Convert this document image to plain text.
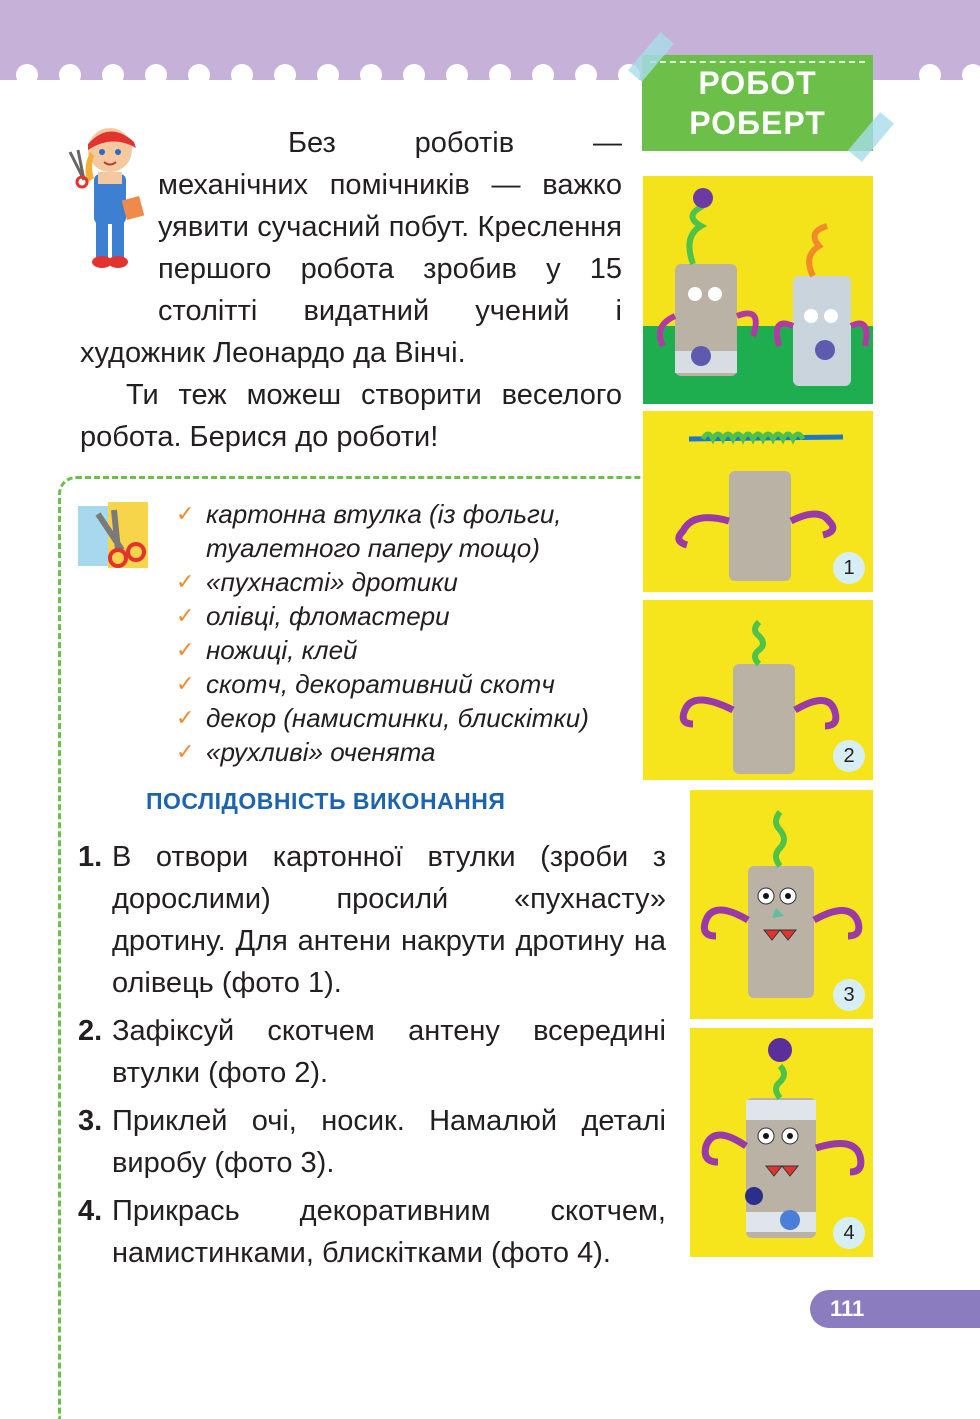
РОБОТ
РОБЕРТ

Без роботів — механічних помічників — важко уявити сучасний побут. Креслення першого робота зробив у 15 столітті видатний учений і художник Леонардо да Вінчі.

Ти теж можеш створити веселого робота. Берися до роботи!

✓ картонна втулка (із фольги,
туалетного паперу тощо)
✓ «пухнасті» дротики
✓ олівці, фломастери
✓ ножиці, клей
✓ скотч, декоративний скотч
✓ декор (намистинки, блискітки)
✓ «рухливі» оченята
ПОСЛІДОВНІСТЬ ВИКОНАННЯ
1. В отвори картонної втулки (зроби з дорослими) просили́ «пухнасту» дротину. Для антени накрути дротину на олівець (фото 1).
2. Зафіксуй скотчем антену всередині втулки (фото 2).
3. Приклей очі, носик. Намалюй деталі виробу (фото 3).
4. Прикрась декоративним скотчем, намистинками, блискітками (фото 4).
1
2
3
4
111
